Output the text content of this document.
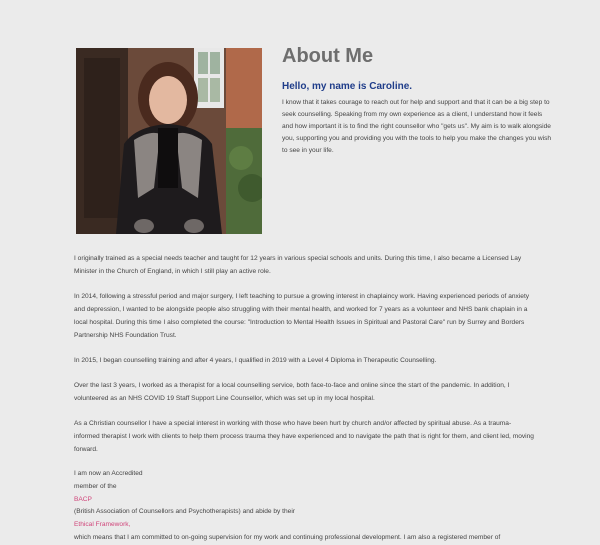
About Me
Hello, my name is Caroline.

I know that it takes courage to reach out for help and support and that it can be a big step to seek counselling. Speaking from my own experience as a client, I understand how it feels and how important it is to find the right counsellor who "gets us". My aim is to walk alongside you, supporting you and providing you with the tools to help you make the changes you wish to see in your life.

I originally trained as a special needs teacher and taught for 12 years in various special schools and units. During this time, I also became a Licensed Lay Minister in the Church of England, in which I still play an active role.

In 2014, following a stressful period and major surgery, I left teaching to pursue a growing interest in chaplaincy work. Having experienced periods of anxiety and depression, I wanted to be alongside people also struggling with their mental health, and worked for 7 years as a volunteer and NHS bank chaplain in a local hospital. During this time I also completed the course: "Introduction to Mental Health Issues in Spiritual and Pastoral Care" run by Surrey and Borders Partnership NHS Foundation Trust.

In 2015, I began counselling training and after 4 years, I qualified in 2019 with a Level 4 Diploma in Therapeutic Counselling.

Over the last 3 years, I worked as a therapist for a local counselling service, both face-to-face and online since the start of the pandemic. In addition, I volunteered as an NHS COVID 19 Staff Support Line Counsellor, which was set up in my local hospital.

As a Christian counsellor I have a special interest in working with those who have been hurt by church and/or affected by spiritual abuse. As a trauma-informed therapist I work with clients to help them process trauma they have experienced and to navigate the path that is right for them, and client led, moving forward.

I am now an Accredited
member of the
BACP
(British Association of Counsellors and Psychotherapists) and abide by their
Ethical Framework,
which means that I am committed to on-going supervision for my work and continuing professional development. I am also a registered member of
